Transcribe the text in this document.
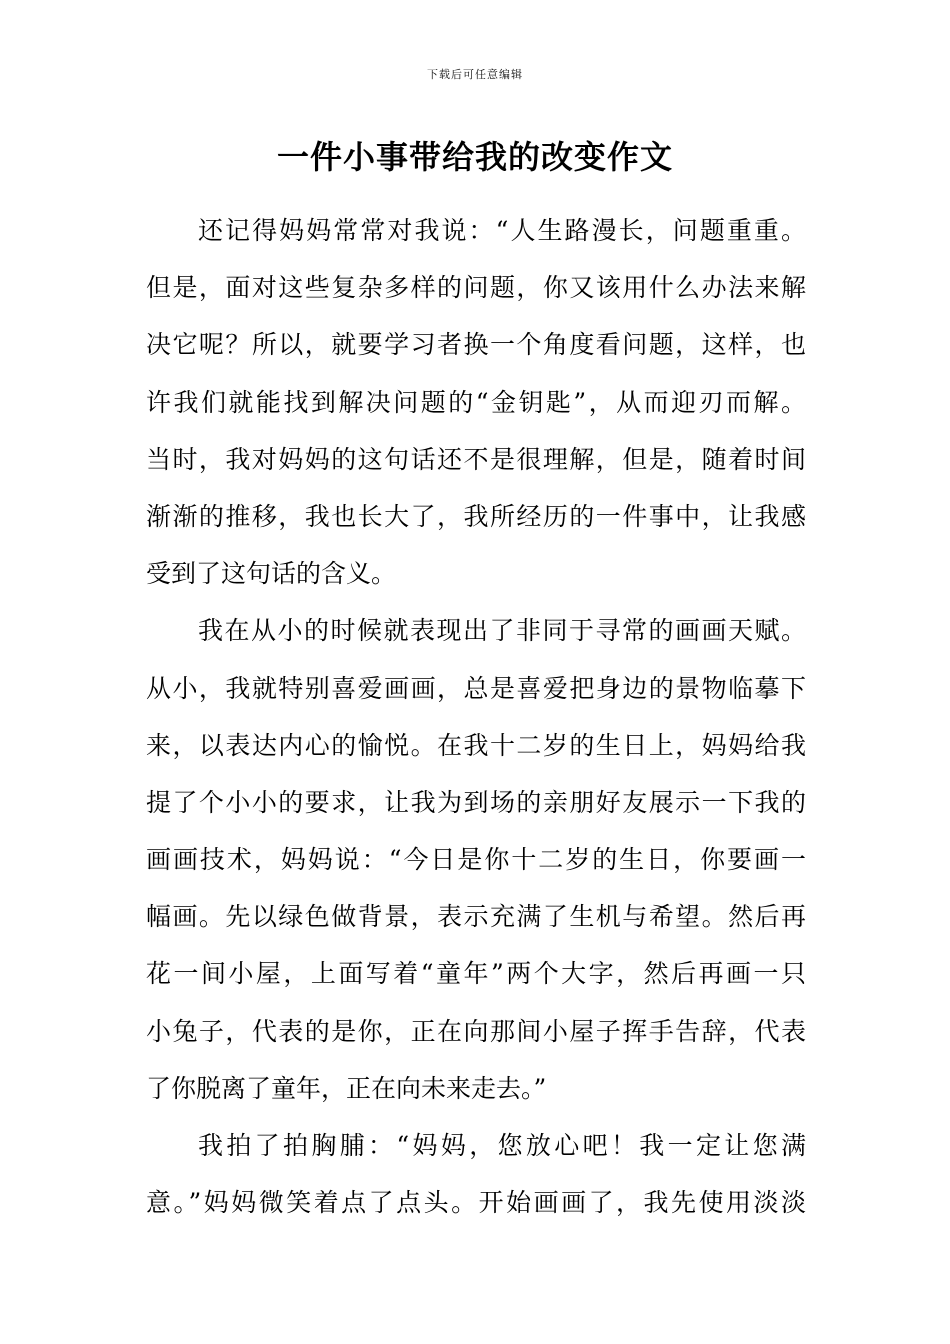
下载后可任意编辑
一件小事带给我的改变作文
还记得妈妈常常对我说：“人生路漫长，问题重重。
但是，面对这些复杂多样的问题，你又该用什么办法来解
决它呢？所以，就要学习者换一个角度看问题，这样，也
许我们就能找到解决问题的“金钥匙”，从而迎刃而解。
当时，我对妈妈的这句话还不是很理解，但是，随着时间
渐渐的推移，我也长大了，我所经历的一件事中，让我感
受到了这句话的含义。
我在从小的时候就表现出了非同于寻常的画画天赋。
从小，我就特别喜爱画画，总是喜爱把身边的景物临摹下
来，以表达内心的愉悦。在我十二岁的生日上，妈妈给我
提了个小小的要求，让我为到场的亲朋好友展示一下我的
画画技术，妈妈说：“今日是你十二岁的生日，你要画一
幅画。先以绿色做背景，表示充满了生机与希望。然后再
花一间小屋，上面写着“童年”两个大字，然后再画一只
小兔子，代表的是你，正在向那间小屋子挥手告辞，代表
了你脱离了童年，正在向未来走去。”
我拍了拍胸脯：“妈妈，您放心吧！我一定让您满
意。”妈妈微笑着点了点头。开始画画了，我先使用淡淡
